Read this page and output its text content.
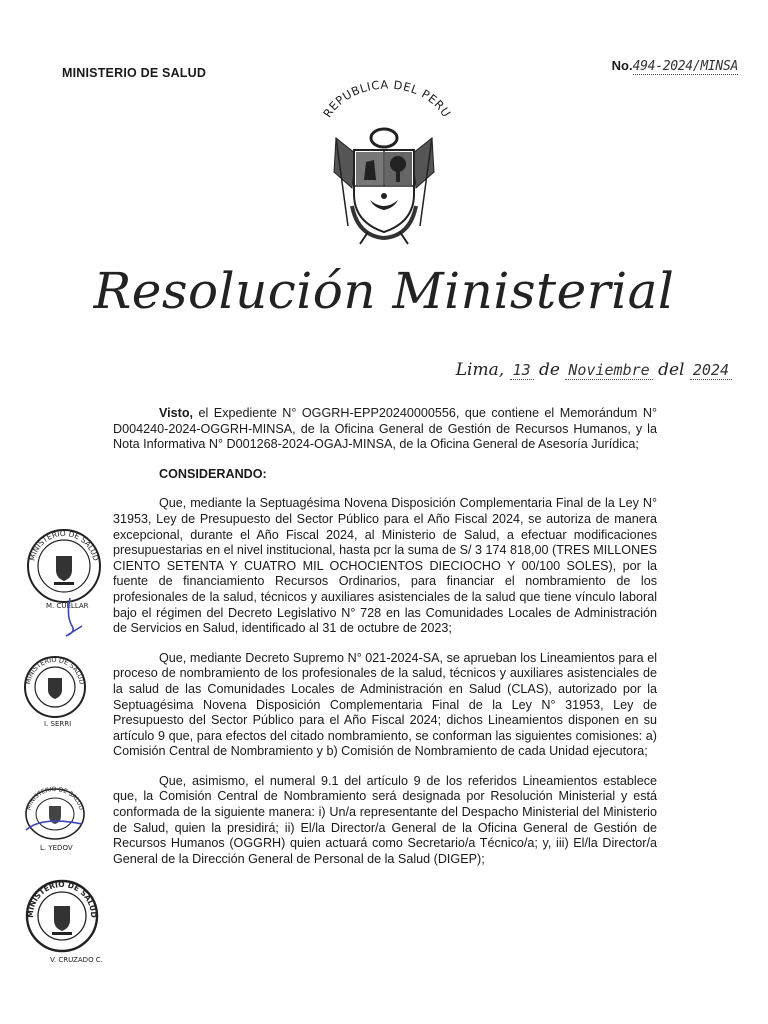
MINISTERIO DE SALUD	No.494-2024/MINSA
REPUBLICA DEL PERU
Resolución Ministerial
Lima, 13 de Noviembre del 2024

Visto, el Expediente N° OGGRH-EPP20240000556, que contiene el Memorándum N° D004240-2024-OGGRH-MINSA, de la Oficina General de Gestión de Recursos Humanos, y la Nota Informativa N° D001268-2024-OGAJ-MINSA, de la Oficina General de Asesoría Jurídica;

CONSIDERANDO:

Que, mediante la Septuagésima Novena Disposición Complementaria Final de la Ley N° 31953, Ley de Presupuesto del Sector Público para el Año Fiscal 2024, se autoriza de manera excepcional, durante el Año Fiscal 2024, al Ministerio de Salud, a efectuar modificaciones presupuestarias en el nivel institucional, hasta pcr la suma de S/ 3 174 818,00 (TRES MILLONES CIENTO SETENTA Y CUATRO MIL OCHOCIENTOS DIECIOCHO Y 00/100 SOLES), por la fuente de financiamiento Recursos Ordinarios, para financiar el nombramiento de los profesionales de la salud, técnicos y auxiliares asistenciales de la salud que tiene vínculo laboral bajo el régimen del Decreto Legislativo N° 728 en las Comunidades Locales de Administración de Servicios en Salud, identificado al 31 de octubre de 2023;

Que, mediante Decreto Supremo N° 021-2024-SA, se aprueban los Lineamientos para el proceso de nombramiento de los profesionales de la salud, técnicos y auxiliares asistenciales de la salud de las Comunidades Locales de Administración en Salud (CLAS), autorizado por la Septuagésima Novena Disposición Complementaria Final de la Ley N° 31953, Ley de Presupuesto del Sector Público para el Año Fiscal 2024; dichos Lineamientos disponen en su artículo 9 que, para efectos del citado nombramiento, se conforman las siguientes comisiones: a) Comisión Central de Nombramiento y b) Comisión de Nombramiento de cada Unidad ejecutora;

Que, asimismo, el numeral 9.1 del artículo 9 de los referidos Lineamientos establece que, la Comisión Central de Nombramiento será designada por Resolución Ministerial y está conformada de la siguiente manera: i) Un/a representante del Despacho Ministerial del Ministerio de Salud, quien la presidirá; ii) El/la Director/a General de la Oficina General de Gestión de Recursos Humanos (OGGRH) quien actuará como Secretario/a Técnico/a; y, iii) El/la Director/a General de la Dirección General de Personal de la Salud (DIGEP);

MINISTERIO DE SALUD
M. CUELLAR
MINISTERIO DE SALUD
I. SERRI
MINISTERIO DE SALUD
L. YEDOV
MINISTERIO DE SALUD
V. CRUZADO C.
